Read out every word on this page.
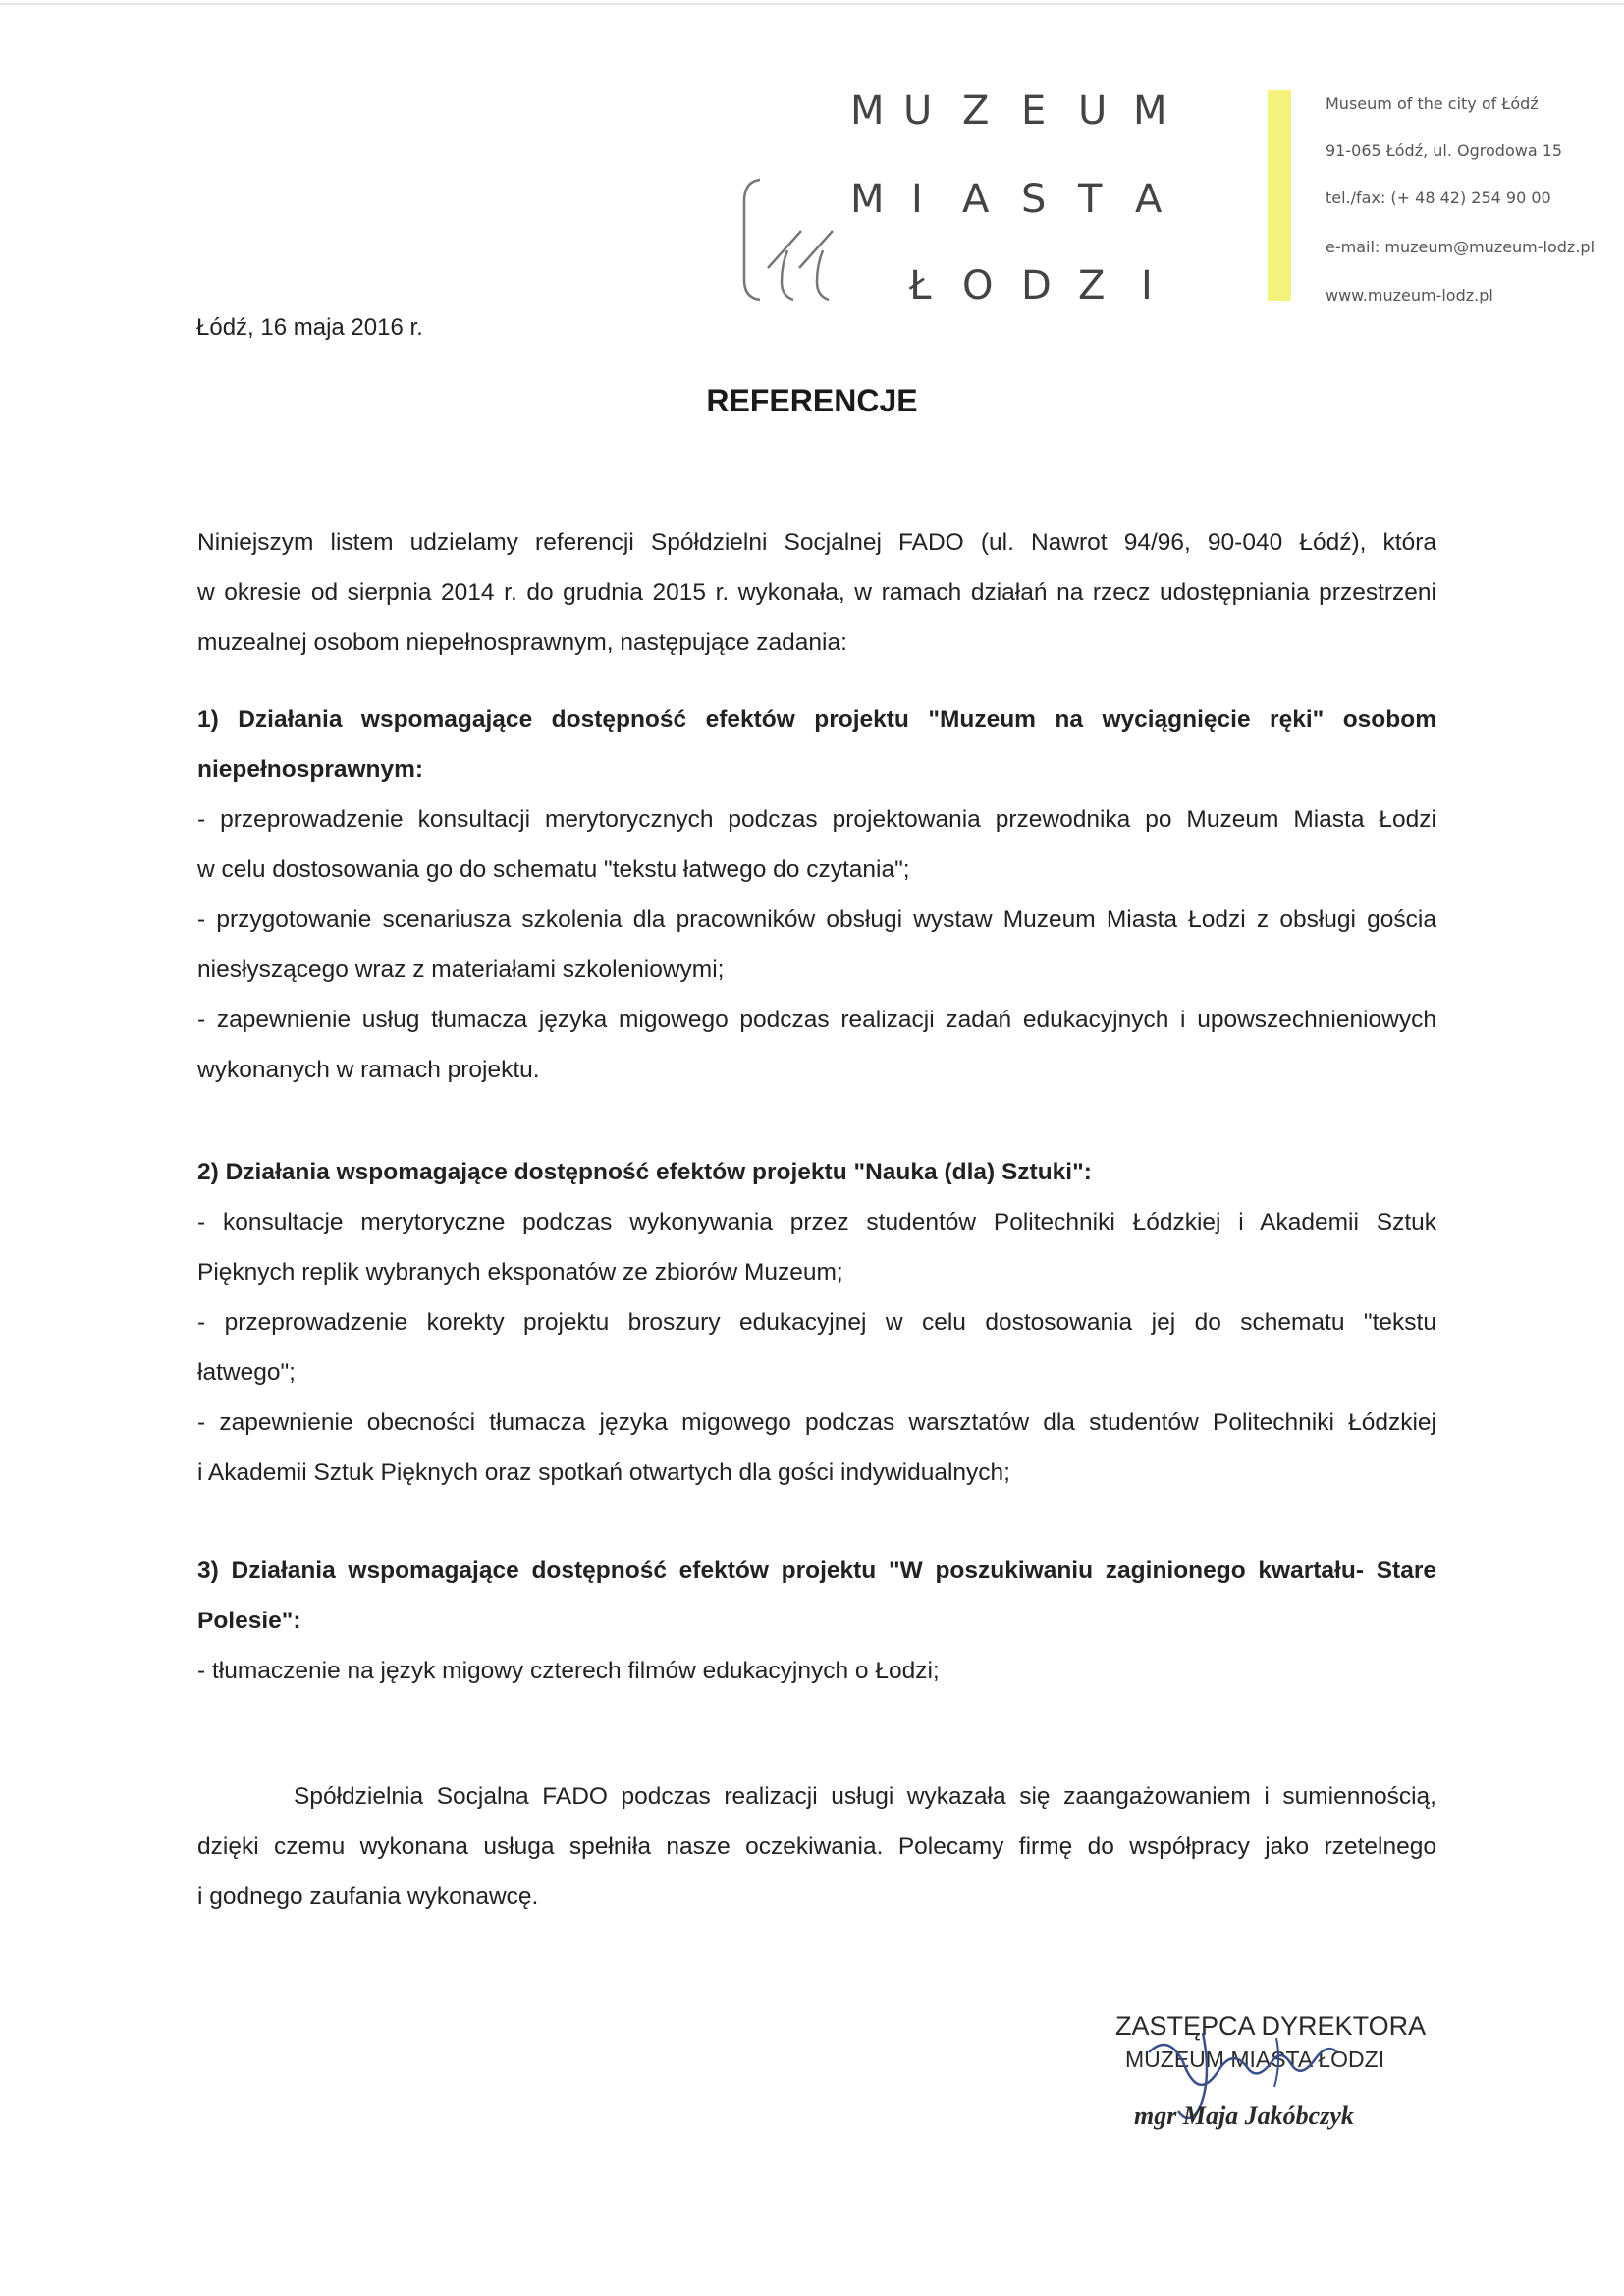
M U Z E U M
M I A S T A
Ł O D Z I
Museum of the city of Łódź
91-065 Łódź, ul. Ogrodowa 15
tel./fax: (+ 48 42) 254 90 00
e-mail: muzeum@muzeum-lodz.pl
www.muzeum-lodz.pl
Łódź, 16 maja 2016 r.
REFERENCJE
Niniejszym listem udzielamy referencji Spółdzielni Socjalnej FADO (ul. Nawrot 94/96, 90-040 Łódź), która
w okresie od sierpnia 2014 r. do grudnia 2015 r. wykonała, w ramach działań na rzecz udostępniania przestrzeni
muzealnej osobom niepełnosprawnym, następujące zadania:
1) Działania wspomagające dostępność efektów projektu "Muzeum na wyciągnięcie ręki" osobom
niepełnosprawnym:
- przeprowadzenie konsultacji merytorycznych podczas projektowania przewodnika po Muzeum Miasta Łodzi
w celu dostosowania go do schematu "tekstu łatwego do czytania";
- przygotowanie scenariusza szkolenia dla pracowników obsługi wystaw Muzeum Miasta Łodzi z obsługi gościa
niesłyszącego wraz z materiałami szkoleniowymi;
- zapewnienie usług tłumacza języka migowego podczas realizacji zadań edukacyjnych i upowszechnieniowych
wykonanych w ramach projektu.
2) Działania wspomagające dostępność efektów projektu "Nauka (dla) Sztuki":
- konsultacje merytoryczne podczas wykonywania przez studentów Politechniki Łódzkiej i Akademii Sztuk
Pięknych replik wybranych eksponatów ze zbiorów Muzeum;
- przeprowadzenie korekty projektu broszury edukacyjnej w celu dostosowania jej do schematu "tekstu
łatwego";
- zapewnienie obecności tłumacza języka migowego podczas warsztatów dla studentów Politechniki Łódzkiej
i Akademii Sztuk Pięknych oraz spotkań otwartych dla gości indywidualnych;
3) Działania wspomagające dostępność efektów projektu "W poszukiwaniu zaginionego kwartału- Stare
Polesie":
- tłumaczenie na język migowy czterech filmów edukacyjnych o Łodzi;
Spółdzielnia Socjalna FADO podczas realizacji usługi wykazała się zaangażowaniem i sumiennością,
dzięki czemu wykonana usługa spełniła nasze oczekiwania. Polecamy firmę do współpracy jako rzetelnego
i godnego zaufania wykonawcę.
ZASTĘPCA DYREKTORA
MUZEUM MIASTA ŁODZI
mgr Maja Jakóbczyk
